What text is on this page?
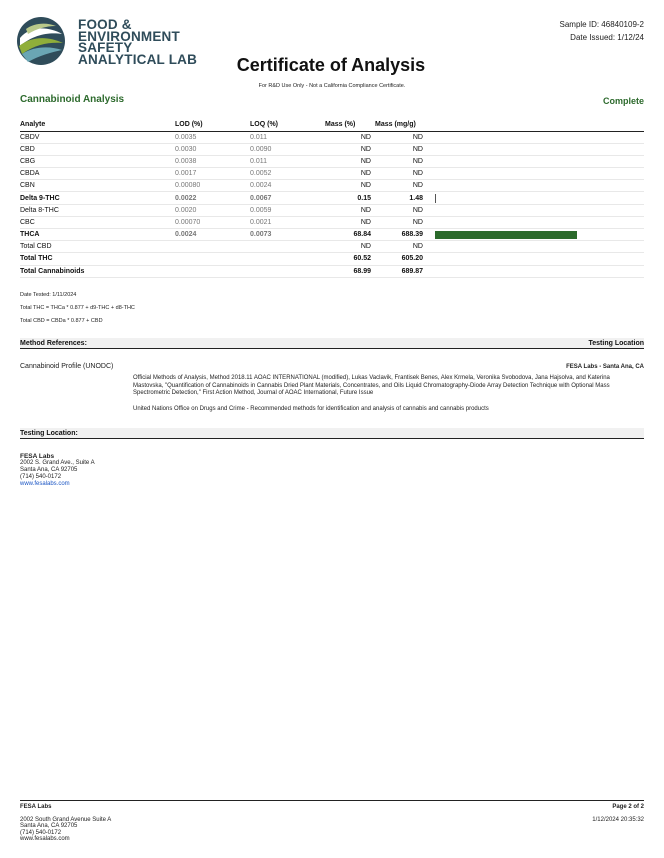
FOOD &
ENVIRONMENT
SAFETY
ANALYTICAL LAB
Sample ID: 46840109-2
Date Issued: 1/12/24
Certificate of Analysis
For R&D Use Only - Not a California Compliance Certificate.
Cannabinoid Analysis	Complete
Analyte	LOD (%)	LOQ (%)	Mass (%)	Mass (mg/g)	
CBDV	0.0035	0.011	ND	ND	
CBD	0.0030	0.0090	ND	ND	
CBG	0.0038	0.011	ND	ND	
CBDA	0.0017	0.0052	ND	ND	
CBN	0.00080	0.0024	ND	ND	
Delta 9-THC	0.0022	0.0067	0.15	1.48	

Delta 8-THC	0.0020	0.0059	ND	ND	
CBC	0.00070	0.0021	ND	ND	
THCA	0.0024	0.0073	68.84	688.39	

Total CBD			ND	ND	
Total THC			60.52	605.20	
Total Cannabinoids			68.99	689.87	
Date Tested: 1/11/2024
Total THC = THCa * 0.877 + d9-THC + d8-THC
Total CBD = CBDa * 0.877 + CBD
Method References:	Testing Location
Cannabinoid Profile (UNODC)	FESA Labs - Santa Ana, CA
Official Methods of Analysis, Method 2018.11 AOAC INTERNATIONAL (modified), Lukas Vaclavik, Frantisek Benes, Alex Krmela, Veronika Svobodova, Jana Hajsolva, and Katerina Mastovska, "Quantification of Cannabinoids in Cannabis Dried Plant Materials, Concentrates, and Oils Liquid Chromatography-Diode Array Detection Technique with Optional Mass Spectrometric Detection," First Action Method, Journal of AOAC International, Future Issue
United Nations Office on Drugs and Crime - Recommended methods for identification and analysis of cannabis and cannabis products
Testing Location:
FESA Labs
2002 S. Grand Ave., Suite A
Santa Ana, CA 92705
(714) 540-0172
www.fesalabs.com
FESA Labs
2002 South Grand Avenue Suite A
Santa Ana, CA 92705
(714) 540-0172
www.fesalabs.com
Page 2 of 2
1/12/2024 20:35:32
